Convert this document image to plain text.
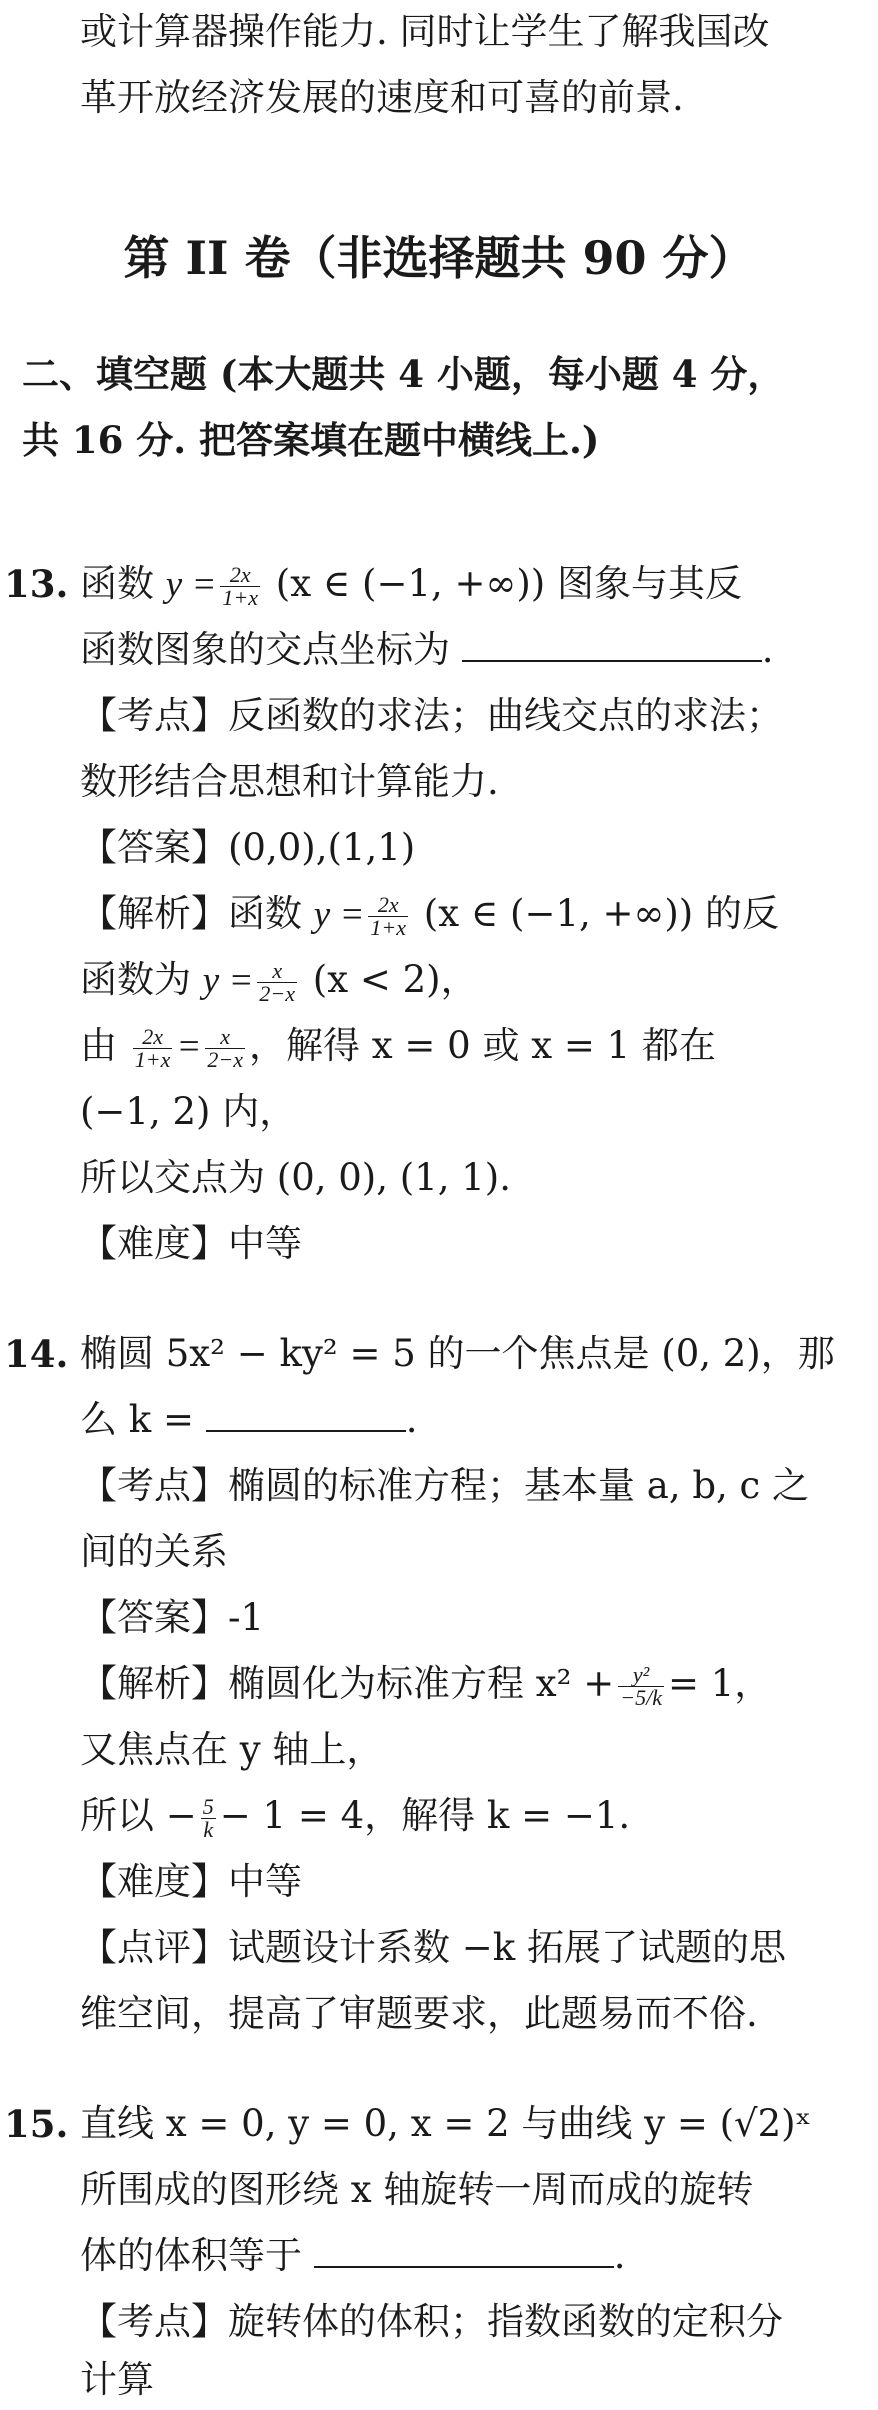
或计算器操作能力. 同时让学生了解我国改
革开放经济发展的速度和可喜的前景.
第 II 卷（非选择题共 90 分）
二、填空题 (本大题共 4 小题，每小题 4 分，
共 16 分. 把答案填在题中横线上.)
13. 函数 $y = \frac{2x}{1+x} (x$ ∈ (−1, +∞)) 图象与其反
函数图象的交点坐标为	.
【考点】反函数的求法；曲线交点的求法；
数形结合思想和计算能力.
【答案】(0,0),(1,1)
【解析】函数 $y = \frac{2x}{1+x} (x$ ∈ (−1, +∞)) 的反
函数为 $y = \frac{x}{2-x} (x < 2)$，
由 $\frac{2x}{1+x} = \frac{x}{2-x}$ ，解得 x = 0 或 x = 1 都在
(−1, 2) 内，
所以交点为 (0, 0), (1, 1).
【难度】中等
14. 椭圆 5x² − ky² = 5 的一个焦点是 (0, 2)，那
么 k =	.
【考点】椭圆的标准方程；基本量 a, b, c 之
间的关系
【答案】-1
【解析】椭圆化为标准方程 $x^2 + \frac{\text{y²}}{-5/k} = 1$，
又焦点在 y 轴上，
所以 − $\frac{5}{k} - 1 = 4$，解得 k = −1.
【难度】中等
【点评】试题设计系数 −k 拓展了试题的思
维空间，提高了审题要求，此题易而不俗.
15. 直线 x = 0, y = 0, x = 2 与曲线 y = (√2)ˣ
所围成的图形绕 x 轴旋转一周而成的旋转
体的体积等于	.
【考点】旋转体的体积；指数函数的定积分
计算
